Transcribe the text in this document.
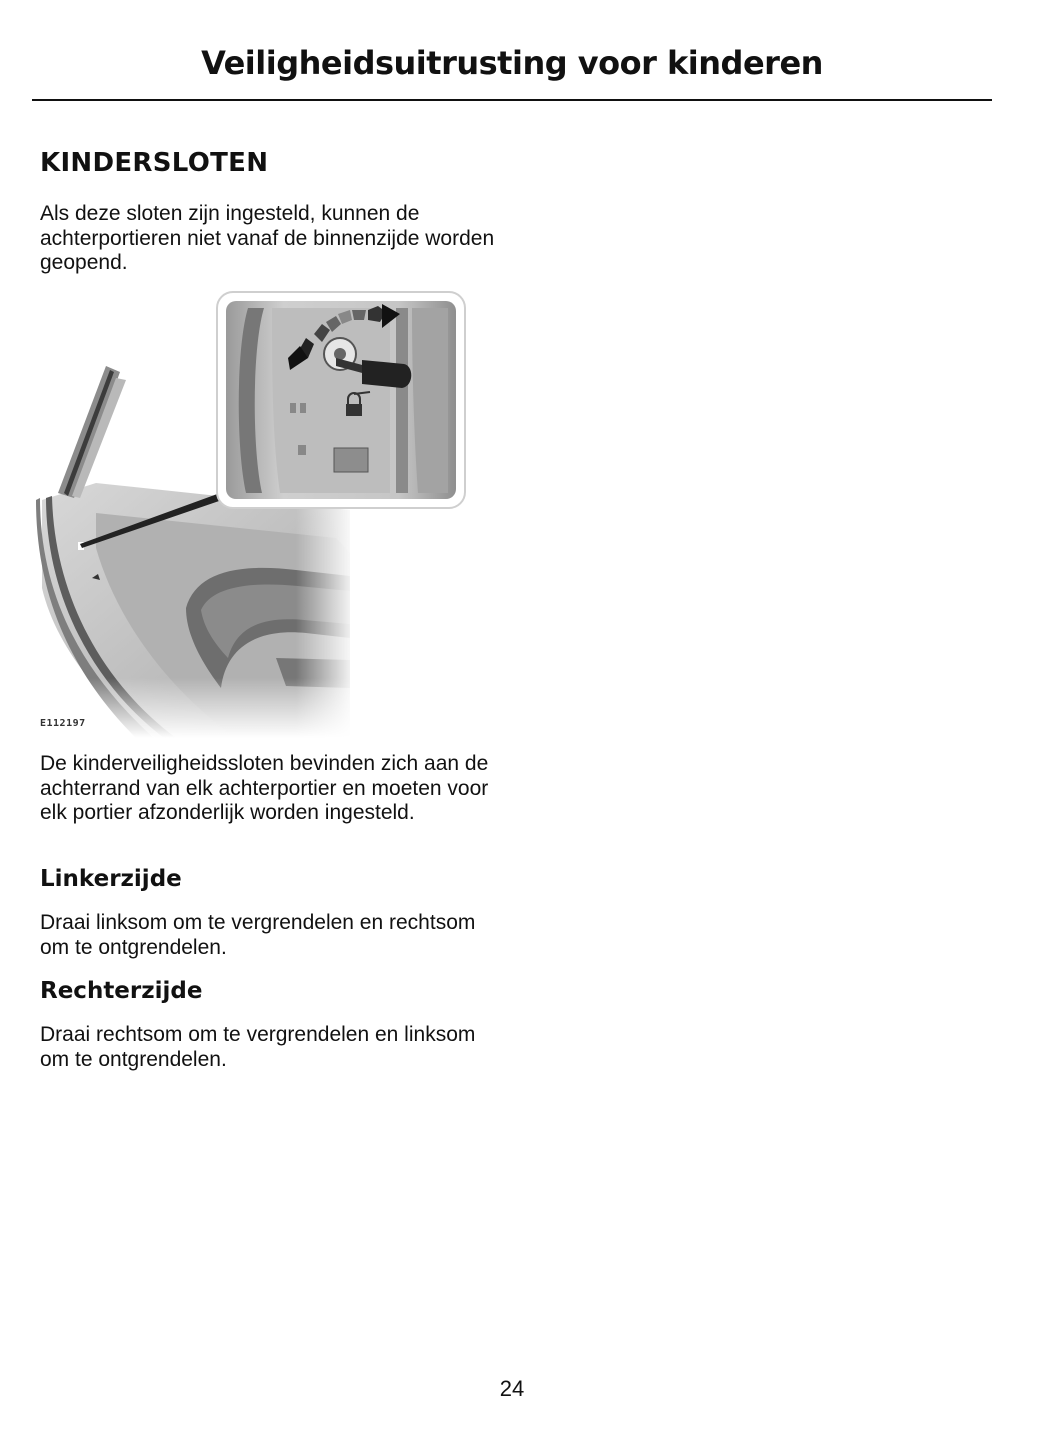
Veiligheidsuitrusting voor kinderen
KINDERSLOTEN
Als deze sloten zijn ingesteld, kunnen de achterportieren niet vanaf de binnenzijde worden geopend.
E112197
De kinderveiligheidssloten bevinden zich aan de achterrand van elk achterportier en moeten voor elk portier afzonderlijk worden ingesteld.
Linkerzijde
Draai linksom om te vergrendelen en rechtsom om te ontgrendelen.
Rechterzijde
Draai rechtsom om te vergrendelen en linksom om te ontgrendelen.
24
